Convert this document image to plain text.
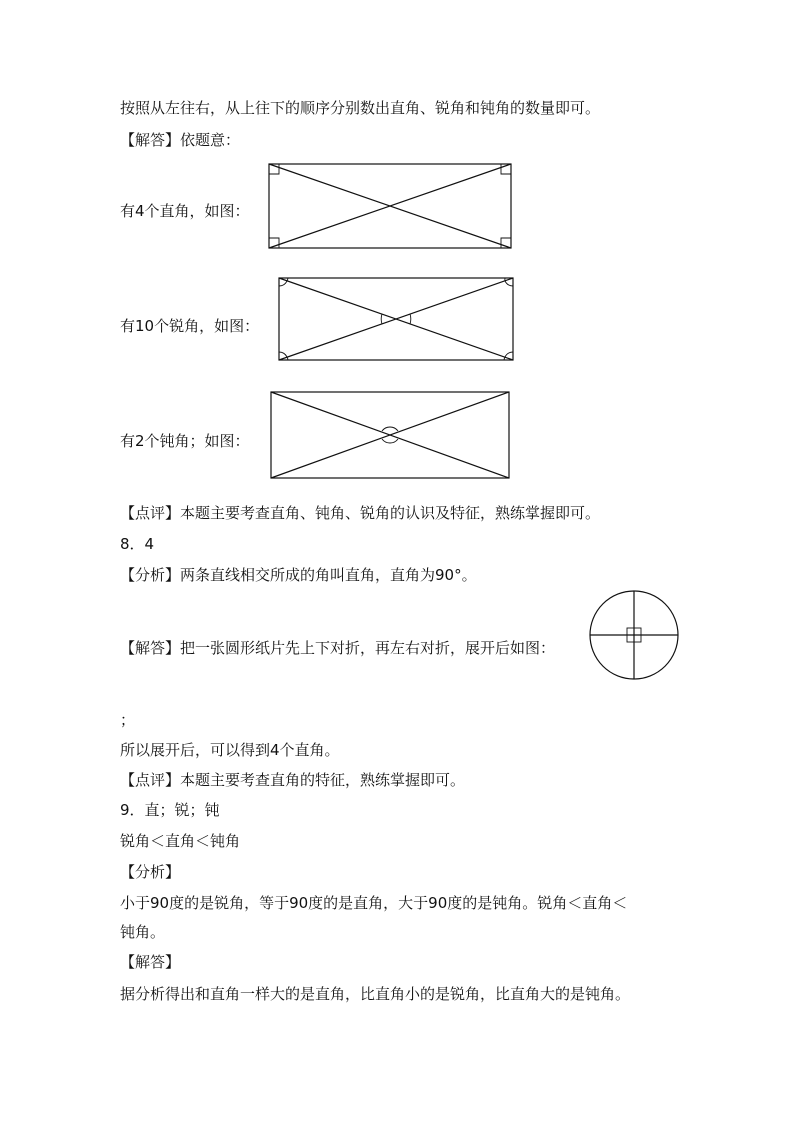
按照从左往右，从上往下的顺序分别数出直角、锐角和钝角的数量即可。
【解答】依题意：
有4个直角，如图：
有10个锐角，如图：
有2个钝角；如图：
【点评】本题主要考查直角、钝角、锐角的认识及特征，熟练掌握即可。
8．4
【分析】两条直线相交所成的角叫直角，直角为90°。
【解答】把一张圆形纸片先上下对折，再左右对折，展开后如图：
；
所以展开后，可以得到4个直角。
【点评】本题主要考查直角的特征，熟练掌握即可。
9．直；锐；钝
锐角＜直角＜钝角
【分析】
小于90度的是锐角，等于90度的是直角，大于90度的是钝角。锐角＜直角＜
钝角。
【解答】
据分析得出和直角一样大的是直角，比直角小的是锐角，比直角大的是钝角。
